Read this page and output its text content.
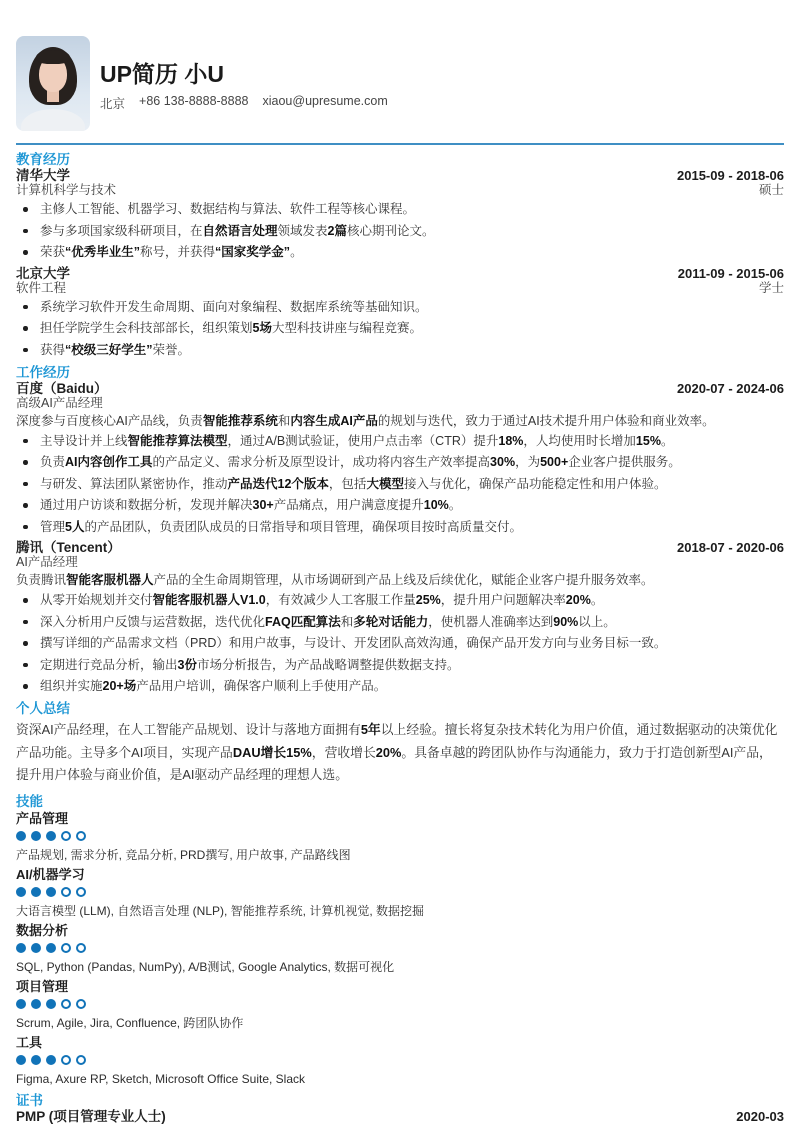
UP简历 小U
北京 +86 138-8888-8888 xiaou@upresume.com
教育经历
清华大学	2015-09 - 2018-06
计算机科学与技术	硕士
主修人工智能、机器学习、数据结构与算法、软件工程等核心课程。
参与多项国家级科研项目，在自然语言处理领域发表2篇核心期刊论文。
荣获“优秀毕业生”称号，并获得“国家奖学金”。
北京大学	2011-09 - 2015-06
软件工程	学士
系统学习软件开发生命周期、面向对象编程、数据库系统等基础知识。
担任学院学生会科技部部长，组织策划5场大型科技讲座与编程竞赛。
获得“校级三好学生”荣誉。
工作经历
百度（Baidu）	2020-07 - 2024-06
高级AI产品经理
深度参与百度核心AI产品线，负责智能推荐系统和内容生成AI产品的规划与迭代，致力于通过AI技术提升用户体验和商业效率。
主导设计并上线智能推荐算法模型，通过A/B测试验证，使用户点击率（CTR）提升18%，人均使用时长增加15%。
负责AI内容创作工具的产品定义、需求分析及原型设计，成功将内容生产效率提高30%，为500+企业客户提供服务。
与研发、算法团队紧密协作，推动产品迭代12个版本，包括大模型接入与优化，确保产品功能稳定性和用户体验。
通过用户访谈和数据分析，发现并解决30+产品痛点，用户满意度提升10%。
管理5人的产品团队，负责团队成员的日常指导和项目管理，确保项目按时高质量交付。
腾讯（Tencent）	2018-07 - 2020-06
AI产品经理
负责腾讯智能客服机器人产品的全生命周期管理，从市场调研到产品上线及后续优化，赋能企业客户提升服务效率。
从零开始规划并交付智能客服机器人V1.0，有效减少人工客服工作量25%，提升用户问题解决率20%。
深入分析用户反馈与运营数据，迭代优化FAQ匹配算法和多轮对话能力，使机器人准确率达到90%以上。
撰写详细的产品需求文档（PRD）和用户故事，与设计、开发团队高效沟通，确保产品开发方向与业务目标一致。
定期进行竞品分析，输出3份市场分析报告，为产品战略调整提供数据支持。
组织并实施20+场产品用户培训，确保客户顺利上手使用产品。
个人总结
资深AI产品经理，在人工智能产品规划、设计与落地方面拥有5年以上经验。擅长将复杂技术转化为用户价值，通过数据驱动的决策优化产品功能。主导多个AI项目，实现产品DAU增长15%，营收增长20%。具备卓越的跨团队协作与沟通能力，致力于打造创新型AI产品，提升用户体验与商业价值，是AI驱动产品经理的理想人选。
技能
产品管理
产品规划, 需求分析, 竞品分析, PRD撰写, 用户故事, 产品路线图
AI/机器学习
大语言模型 (LLM), 自然语言处理 (NLP), 智能推荐系统, 计算机视觉, 数据挖掘
数据分析
SQL, Python (Pandas, NumPy), A/B测试, Google Analytics, 数据可视化
项目管理
Scrum, Agile, Jira, Confluence, 跨团队协作
工具
Figma, Axure RP, Sketch, Microsoft Office Suite, Slack
证书
PMP (项目管理专业人士)	2020-03
